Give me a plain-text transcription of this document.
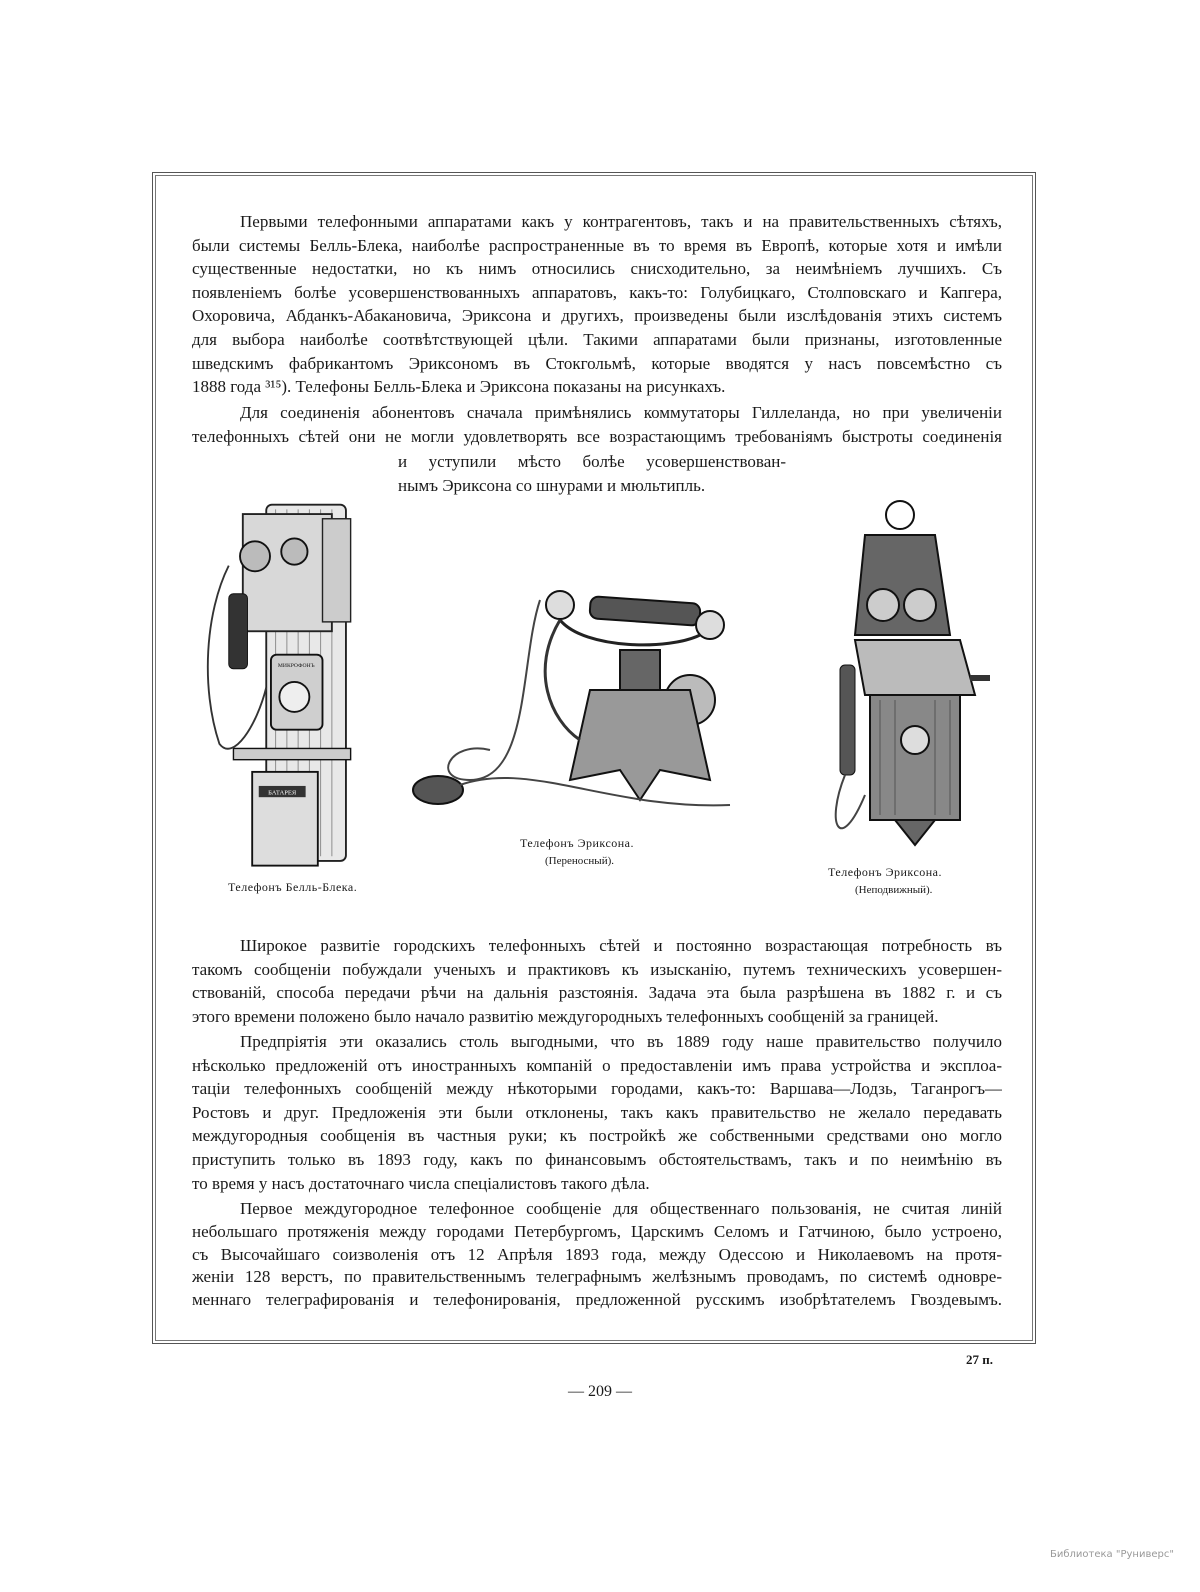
Первыми телефонными аппаратами какъ у контрагентовъ, такъ и на правительственныхъ сѣтяхъ,
были системы Белль-Блека, наиболѣе распространенные въ то время въ Европѣ, которые хотя и имѣли
существенные недостатки, но къ нимъ относились снисходительно, за неимѣніемъ лучшихъ. Съ
появленіемъ болѣе усовершенствованныхъ аппаратовъ, какъ-то: Голубицкаго, Столповскаго и Капгера,
Охоровича, Абданкъ-Абакановича, Эриксона и другихъ, произведены были изслѣдованія этихъ системъ
для выбора наиболѣе соотвѣтствующей цѣли. Такими аппаратами были признаны, изготовленные
шведскимъ фабрикантомъ Эриксономъ въ Стокгольмѣ, которые вводятся у насъ повсемѣстно съ
1888 года ³¹⁵). Телефоны Белль-Блека и Эриксона показаны на рисункахъ.
Для соединенія абонентовъ сначала примѣнялись коммутаторы Гиллеланда, но при увеличеніи
телефонныхъ сѣтей они не могли удовлетворять все возрастающимъ требованіямъ быстроты соединенія
и уступили мѣсто болѣе усовершенствован-
нымъ Эриксона со шнурами и мюльтипль.
Широкое развитіе городскихъ телефонныхъ сѣтей и постоянно возрастающая потребность въ
такомъ сообщеніи побуждали ученыхъ и практиковъ къ изысканію, путемъ техническихъ усовершен-
ствованій, способа передачи рѣчи на дальнія разстоянія. Задача эта была разрѣшена въ 1882 г. и съ
этого времени положено было начало развитію междугородныхъ телефонныхъ сообщеній за границей.
Предпріятія эти оказались столь выгодными, что въ 1889 году наше правительство получило
нѣсколько предложеній отъ иностранныхъ компаній о предоставленіи имъ права устройства и эксплоа-
таціи телефонныхъ сообщеній между нѣкоторыми городами, какъ-то: Варшава—Лодзь, Таганрогъ—
Ростовъ и друг. Предложенія эти были отклонены, такъ какъ правительство не желало передавать
междугородныя сообщенія въ частныя руки; къ постройкѣ же собственными средствами оно могло
приступить только въ 1893 году, какъ по финансовымъ обстоятельствамъ, такъ и по неимѣнію въ
то время у насъ достаточнаго числа спеціалистовъ такого дѣла.
Первое междугородное телефонное сообщеніе для общественнаго пользованія, не считая линій
небольшаго протяженія между городами Петербургомъ, Царскимъ Селомъ и Гатчиною, было устроено,
съ Высочайшаго соизволенія отъ 12 Апрѣля 1893 года, между Одессою и Николаевомъ на протя-
женіи 128 верстъ, по правительственнымъ телеграфнымъ желѣзнымъ проводамъ, по системѣ одновре-
меннаго телеграфированія и телефонированія, предложенной русскимъ изобрѣтателемъ Гвоздевымъ.
МИКРОФОНЪ
БАТАРЕЯ
Телефонъ Белль-Блека.
Телефонъ Эриксона.
(Переносный).
Телефонъ Эриксона.
(Неподвижный).
27 п.
— 209 —
Библиотека "Руниверс"
